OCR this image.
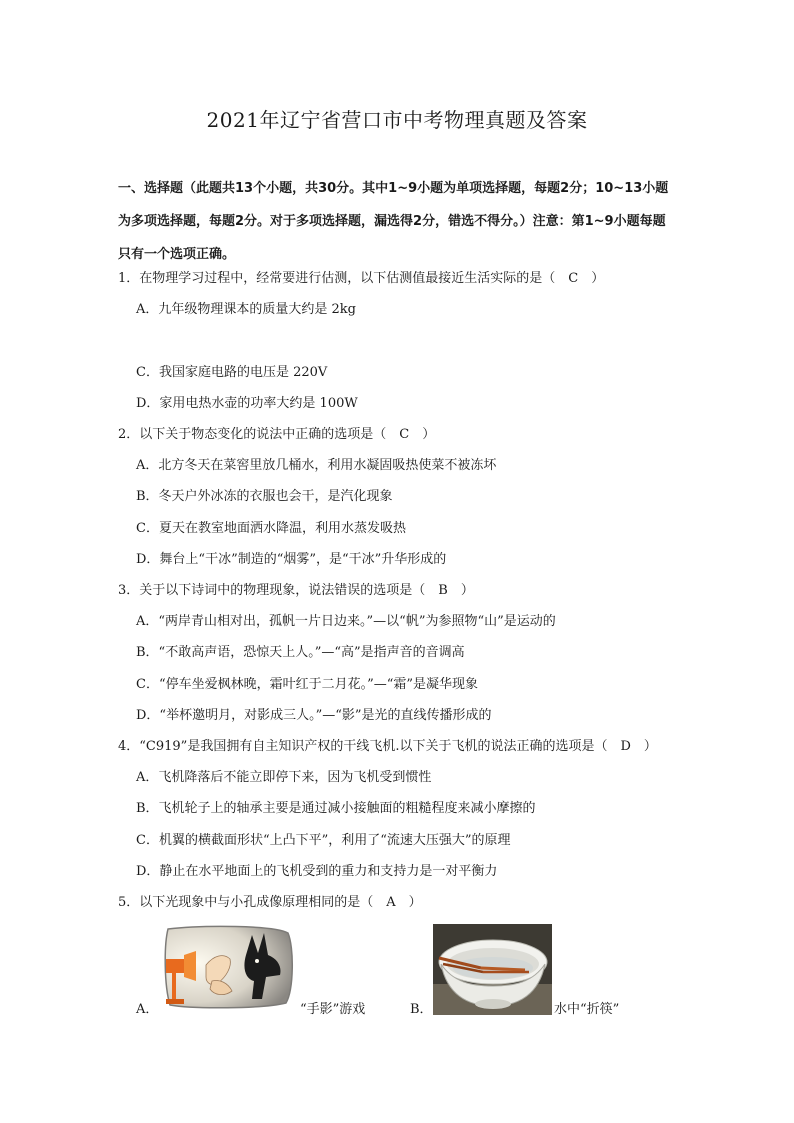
2021年辽宁省营口市中考物理真题及答案
一、选择题（此题共13个小题，共30分。其中1~9小题为单项选择题，每题2分；10~13小题为多项选择题，每题2分。对于多项选择题，漏选得2分，错选不得分。）注意：第1~9小题每题只有一个选项正确。
1．在物理学习过程中，经常要进行估测，以下估测值最接近生活实际的是（　C　）
A．九年级物理课本的质量大约是 2kg
C．我国家庭电路的电压是 220V
D．家用电热水壶的功率大约是 100W
2．以下关于物态变化的说法中正确的选项是（　C　）
A．北方冬天在菜窖里放几桶水，利用水凝固吸热使菜不被冻坏
B．冬天户外冰冻的衣服也会干，是汽化现象
C．夏天在教室地面洒水降温，利用水蒸发吸热
D．舞台上“干冰”制造的“烟雾”，是“干冰”升华形成的
3．关于以下诗词中的物理现象，说法错误的选项是（　B　）
A．“两岸青山相对出，孤帆一片日边来。”—以“帆”为参照物“山”是运动的
B．“不敢高声语，恐惊天上人。”—“高”是指声音的音调高
C．“停车坐爱枫林晚，霜叶红于二月花。”—“霜”是凝华现象
D．“举杯邀明月，对影成三人。”—“影”是光的直线传播形成的
4．“C919”是我国拥有自主知识产权的干线飞机.以下关于飞机的说法正确的选项是（　D　）
A．飞机降落后不能立即停下来，因为飞机受到惯性
B．飞机轮子上的轴承主要是通过减小接触面的粗糙程度来减小摩擦的
C．机翼的横截面形状“上凸下平”，利用了“流速大压强大”的原理
D．静止在水平地面上的飞机受到的重力和支持力是一对平衡力
5．以下光现象中与小孔成像原理相同的是（　A　）
A．	“手影”游戏	B．	水中“折筷”
